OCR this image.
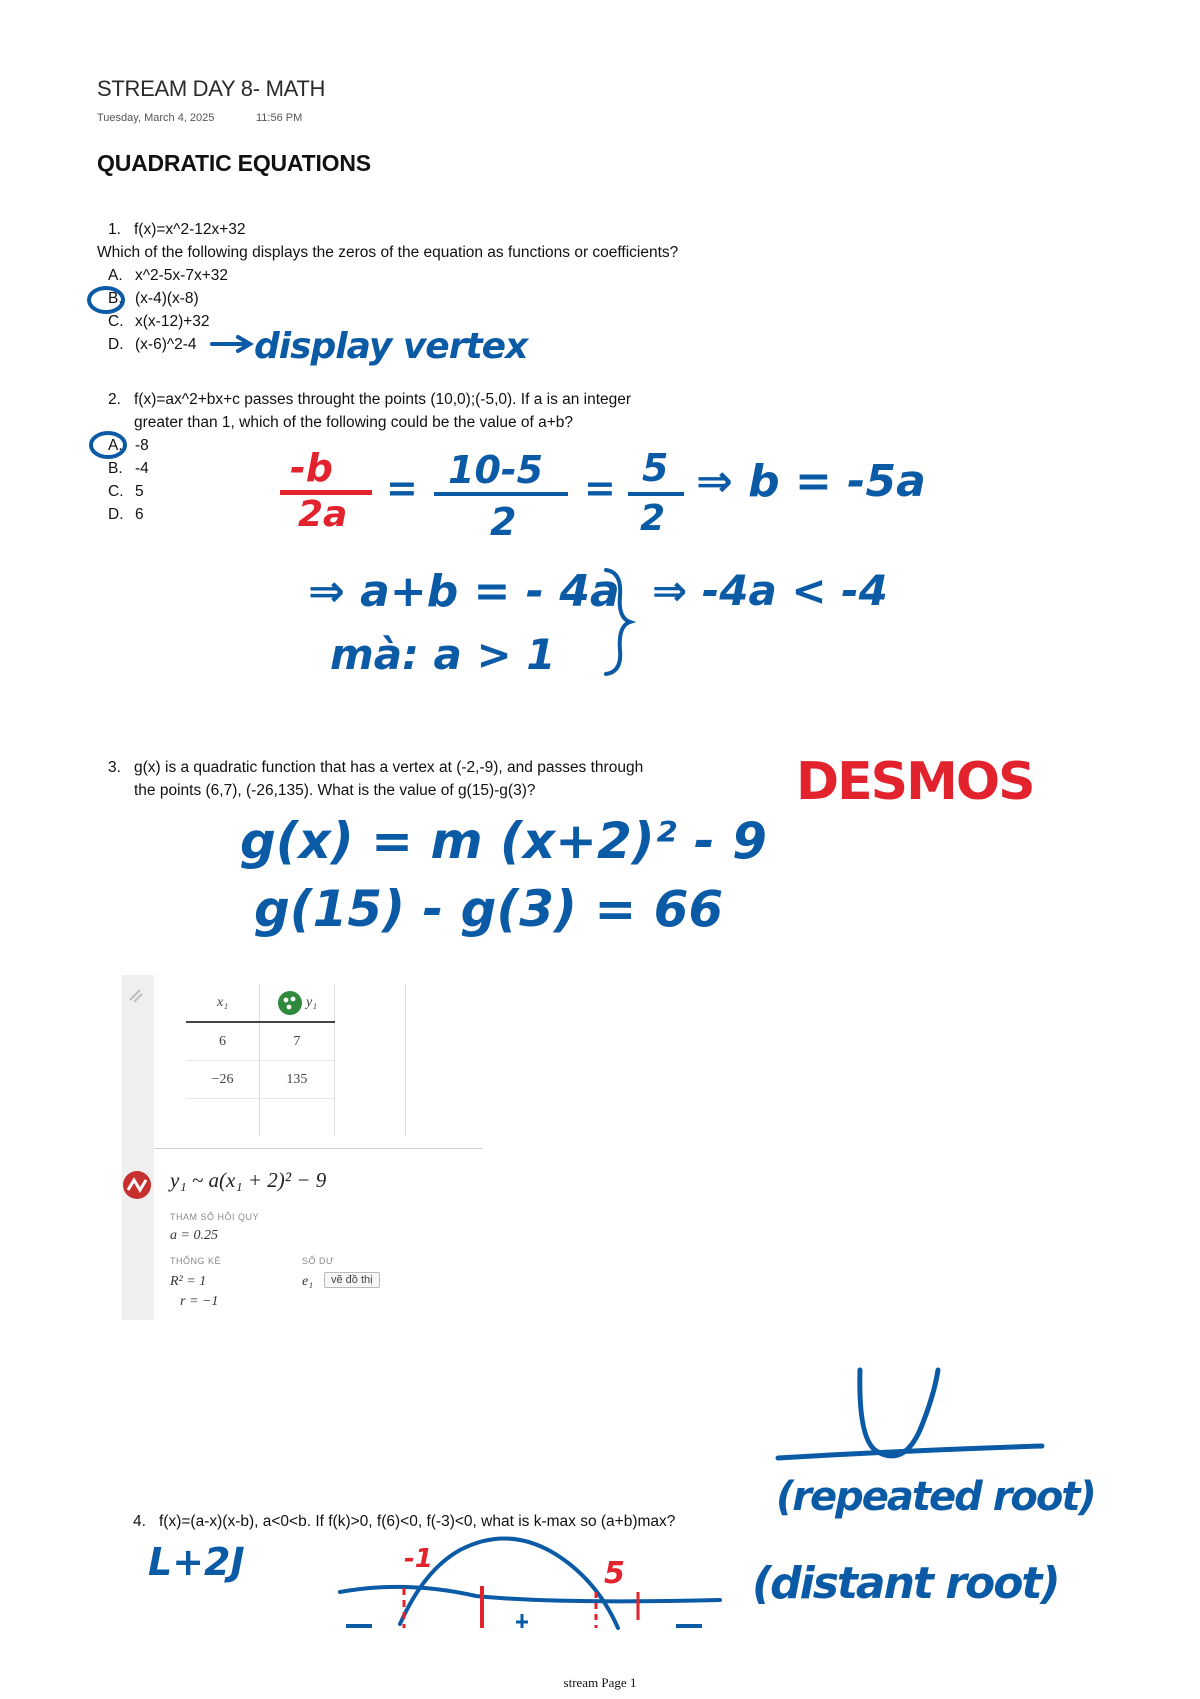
STREAM DAY 8- MATH
Tuesday, March 4, 2025	11:56 PM
QUADRATIC EQUATIONS
1. f(x)=x^2-12x+32
Which of the following displays the zeros of the equation as functions or coefficients?
A. x^2-5x-7x+32
B. (x-4)(x-8)
C. x(x-12)+32
D. (x-6)^2-4 display vertex
2. f(x)=ax^2+bx+c passes throught the points (10,0);(-5,0). If a is an integer
greater than 1, which of the following could be the value of a+b?
A. -8
B. -4
C. 5
D. 6
-b
2a
= 10-5
2
= 5
2
⇒ b = -5a
⇒ a+b = - 4a
mà: a > 1
⇒ -4a < -4
3. g(x) is a quadratic function that has a vertex at (-2,-9), and passes through
the points (6,7), (-26,135). What is the value of g(15)-g(3)?	DESMOS
g(x) = m (x+2)² - 9
g(15) - g(3) = 66
x₁	y₁	
6	7	
−26	135	

y₁ ~ a(x₁ + 2)² − 9
THAM SỐ HỒI QUY
a = 0.25
THỐNG KÊ
R² = 1
r = −1
SỐ DƯ
e₁	vẽ đồ thị
(repeated root)
4. f(x)=(a-x)(x-b), a<0<b. If f(k)>0, f(6)<0, f(-3)<0, what is k-max so (a+b)max?
L+2J	-1	5	(distant root)
stream Page 1
